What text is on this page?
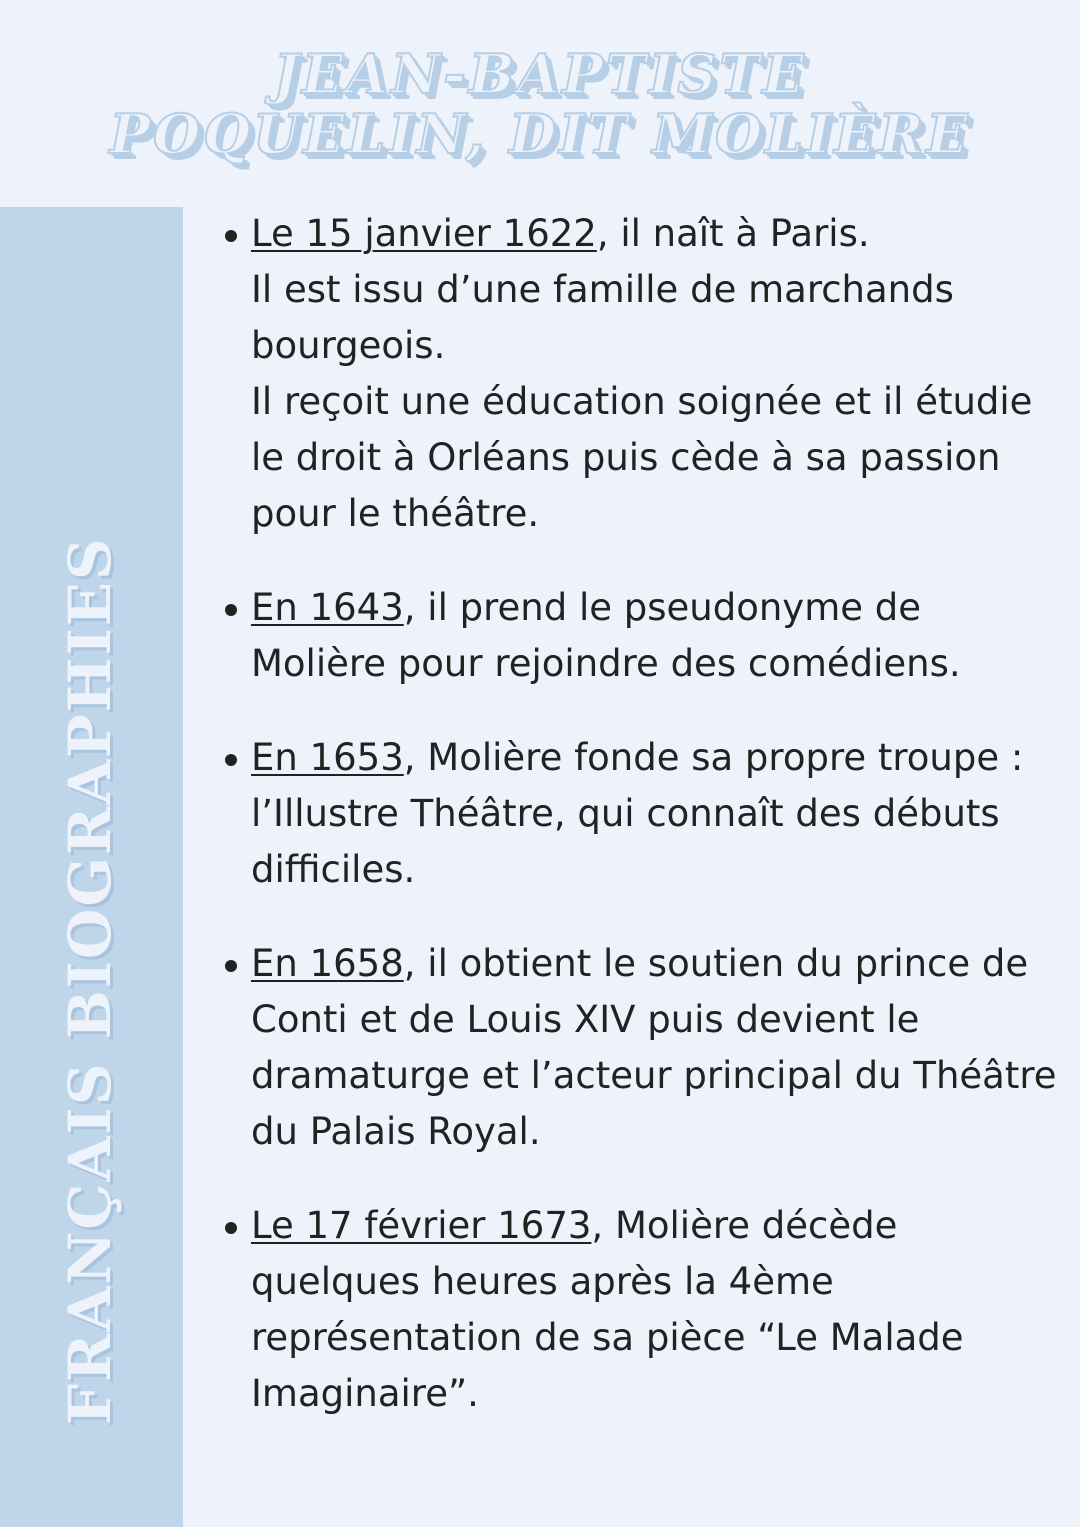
JEAN-BAPTISTE
POQUELIN, DIT MOLIÈRE
FRANÇAIS BIOGRAPHIES
Le 15 janvier 1622, il naît à Paris.
Il est issu d’une famille de marchands bourgeois.
Il reçoit une éducation soignée et il étudie le droit à Orléans puis cède à sa passion pour le théâtre.
En 1643, il prend le pseudonyme de Molière pour rejoindre des comédiens.
En 1653, Molière fonde sa propre troupe : l’Illustre Théâtre, qui connaît des débuts difficiles.
En 1658, il obtient le soutien du prince de Conti et de Louis XIV puis devient le dramaturge et l’acteur principal du Théâtre du Palais Royal.
Le 17 février 1673, Molière décède quelques heures après la 4ème représentation de sa pièce “Le Malade Imaginaire”.
